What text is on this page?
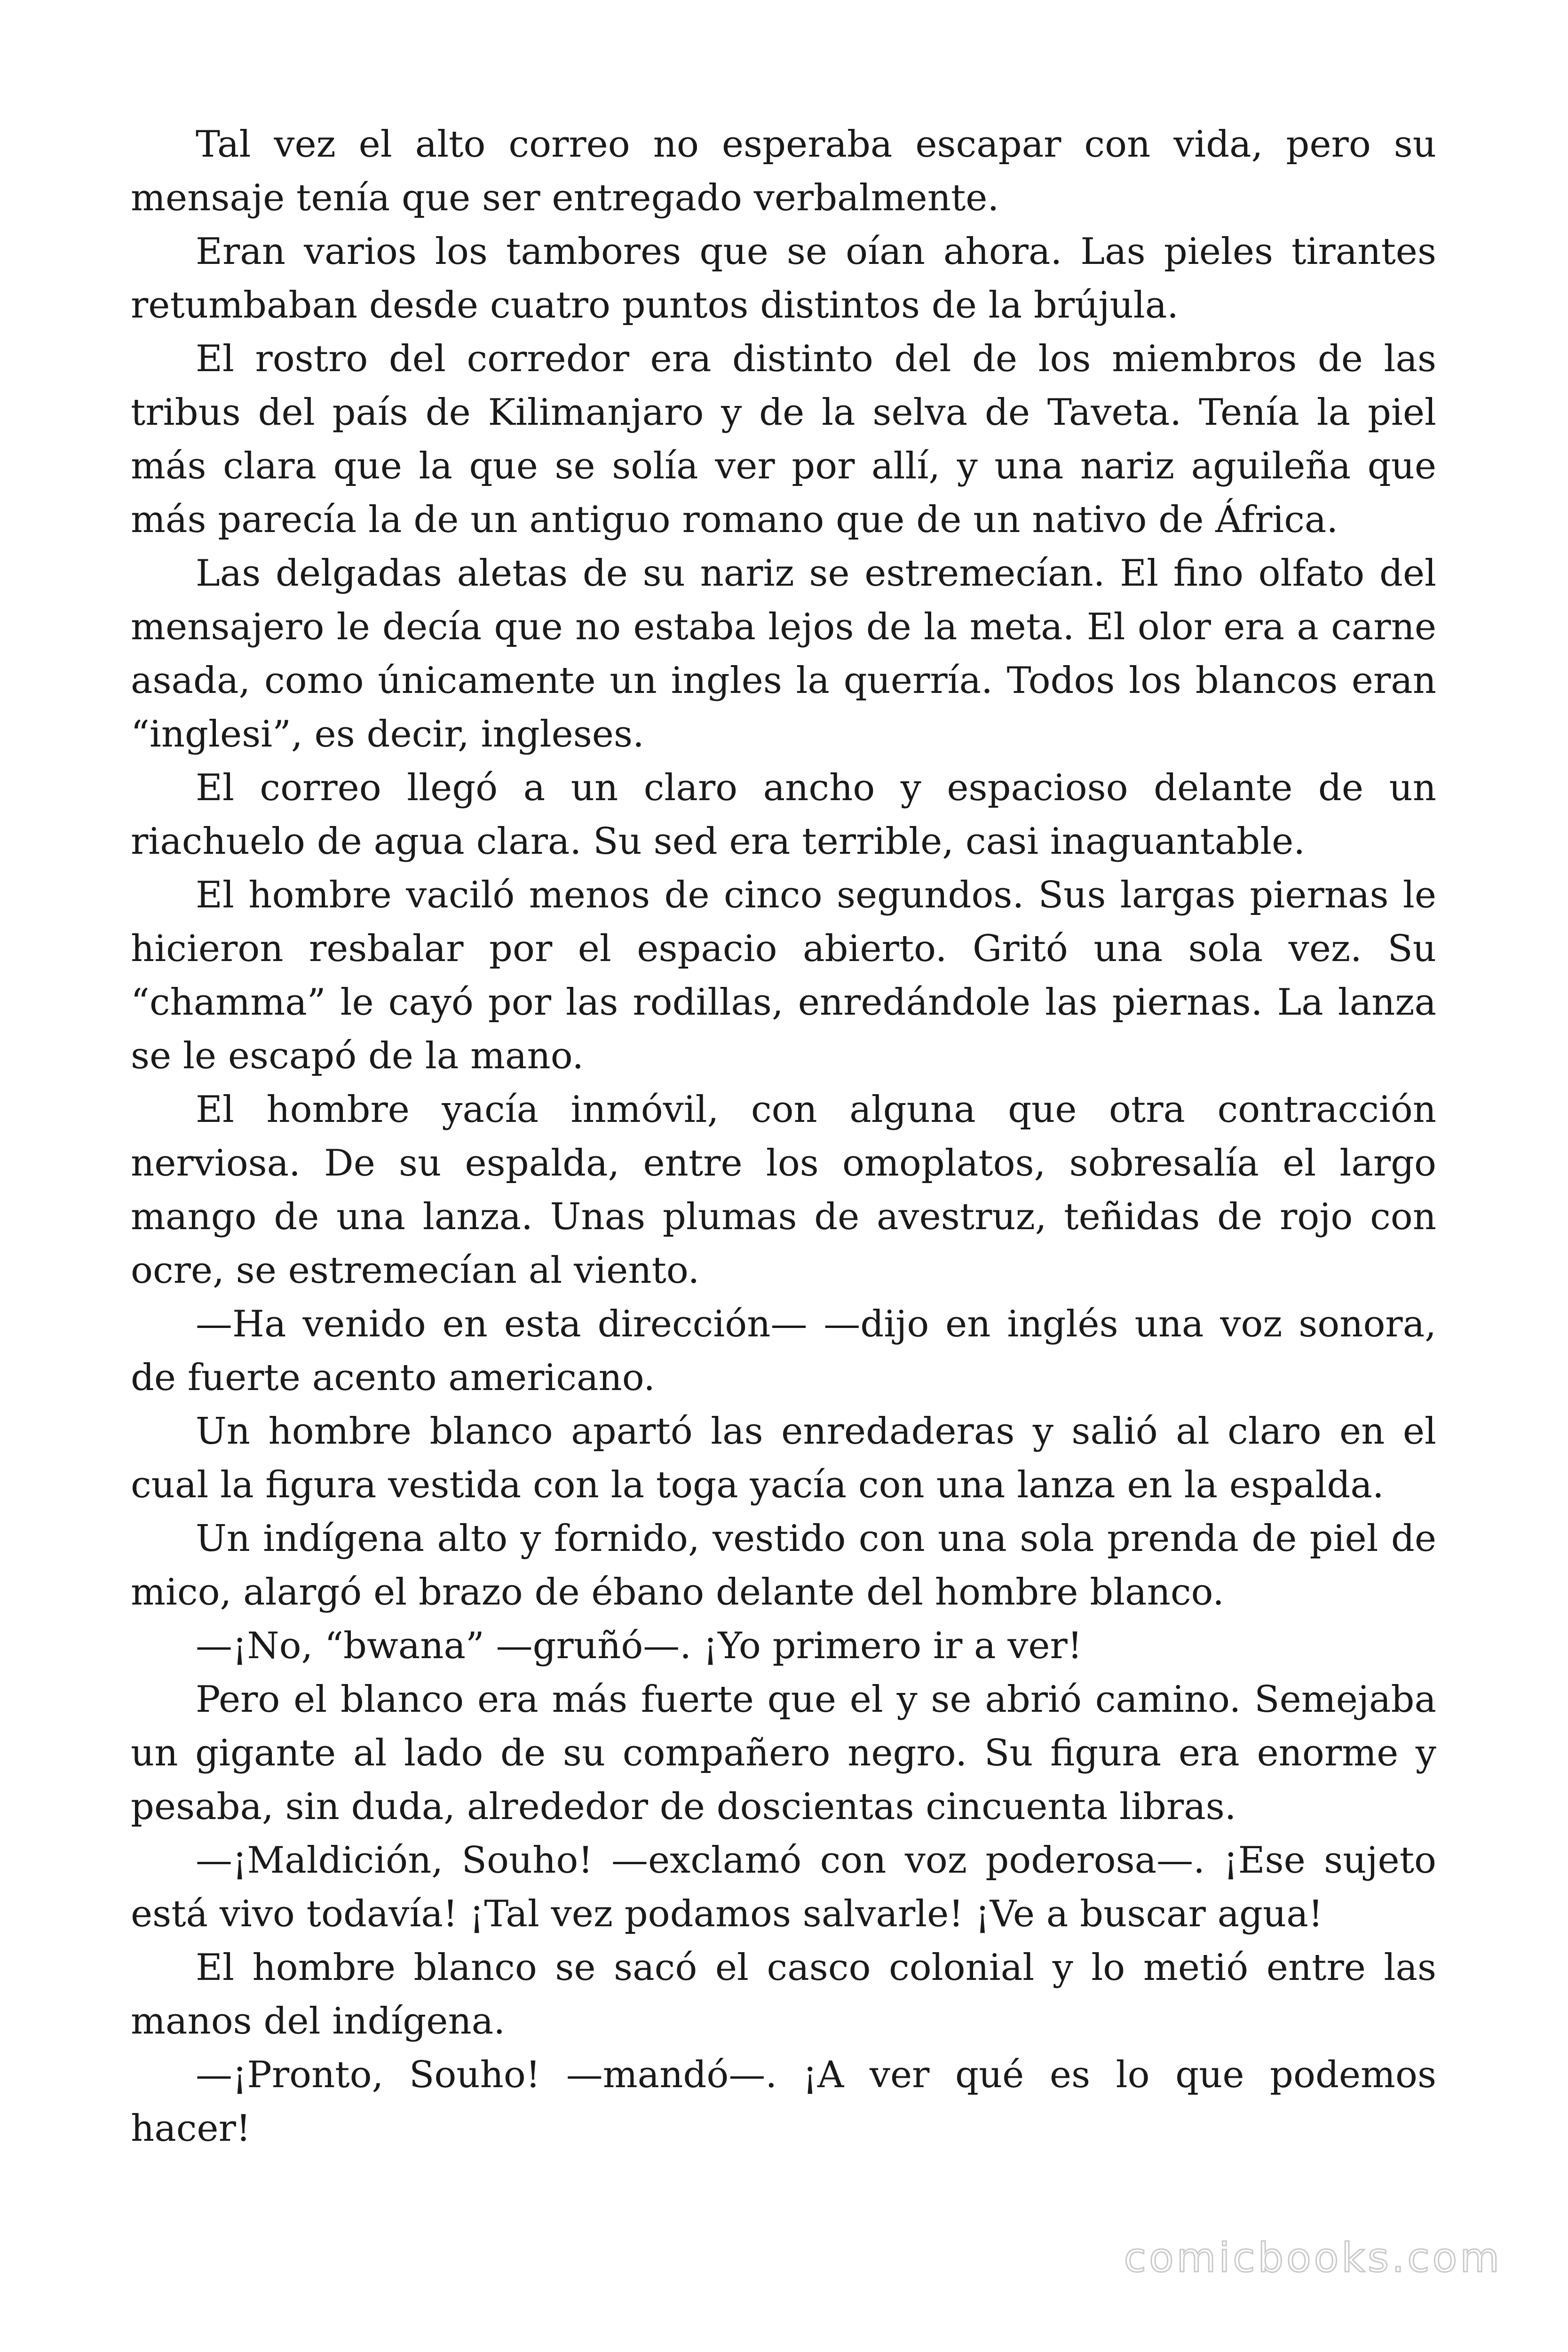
Tal vez el alto correo no esperaba escapar con vida, pero su mensaje tenía que ser entregado verbalmente.

Eran varios los tambores que se oían ahora. Las pieles tirantes retumbaban desde cuatro puntos distintos de la brújula.

El rostro del corredor era distinto del de los miembros de las tribus del país de Kilimanjaro y de la selva de Taveta. Tenía la piel más clara que la que se solía ver por allí, y una nariz aguileña que más parecía la de un antiguo romano que de un nativo de África.

Las delgadas aletas de su nariz se estremecían. El fino olfato del mensajero le decía que no estaba lejos de la meta. El olor era a carne asada, como únicamente un ingles la querría. Todos los blancos eran “inglesi”, es decir, ingleses.

El correo llegó a un claro ancho y espacioso delante de un riachuelo de agua clara. Su sed era terrible, casi inaguantable.

El hombre vaciló menos de cinco segundos. Sus largas piernas le hicieron resbalar por el espacio abierto. Gritó una sola vez. Su “chamma” le cayó por las rodillas, enredándole las piernas. La lanza se le escapó de la mano.

El hombre yacía inmóvil, con alguna que otra contracción nerviosa. De su espalda, entre los omoplatos, sobresalía el largo mango de una lanza. Unas plumas de avestruz, teñidas de rojo con ocre, se estremecían al viento.

—Ha venido en esta dirección— —dijo en inglés una voz sonora, de fuerte acento americano.

Un hombre blanco apartó las enredaderas y salió al claro en el cual la figura vestida con la toga yacía con una lanza en la espalda.

Un indígena alto y fornido, vestido con una sola prenda de piel de mico, alargó el brazo de ébano delante del hombre blanco.

—¡No, “bwana” —gruñó—. ¡Yo primero ir a ver!

Pero el blanco era más fuerte que el y se abrió camino. Semejaba un gigante al lado de su compañero negro. Su figura era enorme y pesaba, sin duda, alrededor de doscientas cincuenta libras.

—¡Maldición, Souho! —exclamó con voz poderosa—. ¡Ese sujeto está vivo todavía! ¡Tal vez podamos salvarle! ¡Ve a buscar agua!

El hombre blanco se sacó el casco colonial y lo metió entre las manos del indígena.

—¡Pronto, Souho! —mandó—. ¡A ver qué es lo que podemos hacer!

comicbooks.com
